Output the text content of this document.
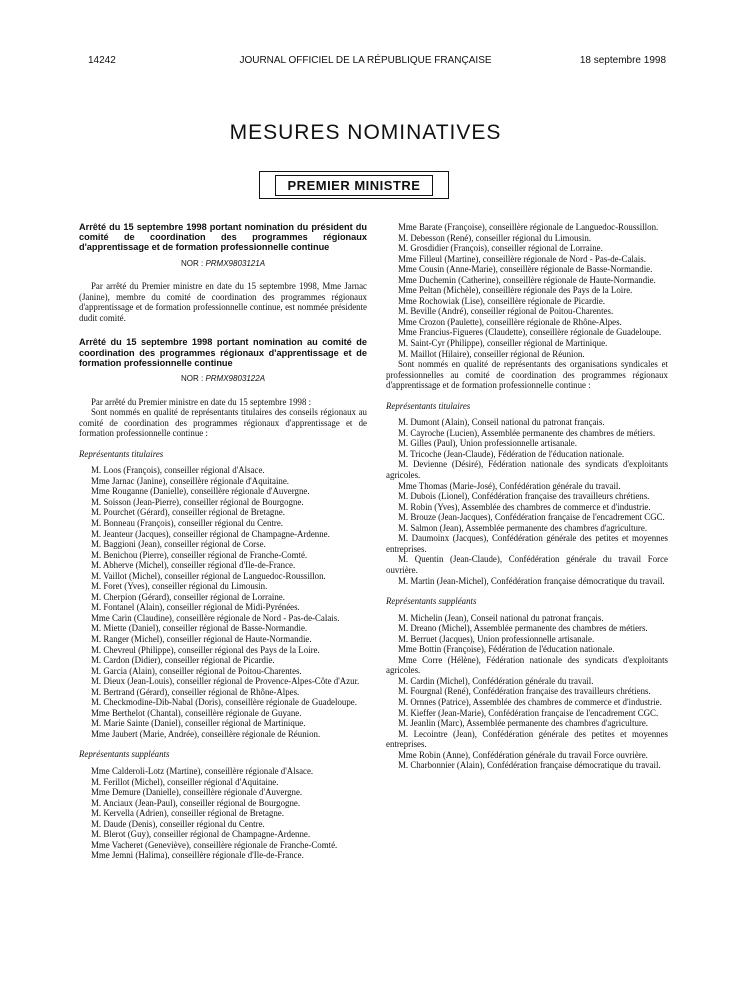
14242	JOURNAL OFFICIEL DE LA RÉPUBLIQUE FRANÇAISE	18 septembre 1998
MESURES NOMINATIVES
PREMIER MINISTRE

Arrêté du 15 septembre 1998 portant nomination du président du comité de coordination des programmes régionaux d'apprentissage et de formation professionnelle continue

NOR : PRMX9803121A

Par arrêté du Premier ministre en date du 15 septembre 1998, Mme Jarnac (Janine), membre du comité de coordination des programmes régionaux d'apprentissage et de formation professionnelle continue, est nommée présidente dudit comité.

Arrêté du 15 septembre 1998 portant nomination au comité de coordination des programmes régionaux d'apprentissage et de formation professionnelle continue

NOR : PRMX9803122A

Par arrêté du Premier ministre en date du 15 septembre 1998 :

Sont nommés en qualité de représentants titulaires des conseils régionaux au comité de coordination des programmes régionaux d'apprentissage et de formation professionnelle continue :

Représentants titulaires

M. Loos (François), conseiller régional d'Alsace.

Mme Jarnac (Janine), conseillère régionale d'Aquitaine.

Mme Rouganne (Danielle), conseillère régionale d'Auvergne.

M. Soisson (Jean-Pierre), conseiller régional de Bourgogne.

M. Pourchet (Gérard), conseiller régional de Bretagne.

M. Bonneau (François), conseiller régional du Centre.

M. Jeanteur (Jacques), conseiller régional de Champagne-Ardenne.

M. Baggioni (Jean), conseiller régional de Corse.

M. Benichou (Pierre), conseiller régional de Franche-Comté.

M. Abherve (Michel), conseiller régional d'Ile-de-France.

M. Vaillot (Michel), conseiller régional de Languedoc-Roussillon.

M. Foret (Yves), conseiller régional du Limousin.

M. Cherpion (Gérard), conseiller régional de Lorraine.

M. Fontanel (Alain), conseiller régional de Midi-Pyrénées.

Mme Carin (Claudine), conseillère régionale de Nord - Pas-de-Calais.

M. Miette (Daniel), conseiller régional de Basse-Normandie.

M. Ranger (Michel), conseiller régional de Haute-Normandie.

M. Chevreul (Philippe), conseiller régional des Pays de la Loire.

M. Cardon (Didier), conseiller régional de Picardie.

M. Garcia (Alain), conseiller régional de Poitou-Charentes.

M. Dieux (Jean-Louis), conseiller régional de Provence-Alpes-Côte d'Azur.

M. Bertrand (Gérard), conseiller régional de Rhône-Alpes.

M. Checkmodine-Dib-Nabal (Doris), conseillère régionale de Guadeloupe.

Mme Berthelot (Chantal), conseillère régionale de Guyane.

M. Marie Sainte (Daniel), conseiller régional de Martinique.

Mme Jaubert (Marie, Andrée), conseillère régionale de Réunion.

Représentants suppléants

Mme Calderoli-Lotz (Martine), conseillère régionale d'Alsace.

M. Ferillot (Michel), conseiller régional d'Aquitaine.

Mme Demure (Danielle), conseillère régionale d'Auvergne.

M. Anciaux (Jean-Paul), conseiller régional de Bourgogne.

M. Kervella (Adrien), conseiller régional de Bretagne.

M. Daude (Denis), conseiller régional du Centre.

M. Blerot (Guy), conseiller régional de Champagne-Ardenne.

Mme Vacheret (Geneviève), conseillère régionale de Franche-Comté.

Mme Jemni (Halima), conseillère régionale d'Ile-de-France.

Mme Barate (Françoise), conseillère régionale de Languedoc-Roussillon.

M. Debesson (René), conseiller régional du Limousin.

M. Grosdidier (François), conseiller régional de Lorraine.

Mme Filleul (Martine), conseillère régionale de Nord - Pas-de-Calais.

Mme Cousin (Anne-Marie), conseillère régionale de Basse-Normandie.

Mme Duchemin (Catherine), conseillère régionale de Haute-Normandie.

Mme Peltan (Michèle), conseillère régionale des Pays de la Loire.

Mme Rochowiak (Lise), conseillère régionale de Picardie.

M. Beville (André), conseiller régional de Poitou-Charentes.

Mme Crozon (Paulette), conseillère régionale de Rhône-Alpes.

Mme Francius-Figueres (Claudette), conseillère régionale de Guadeloupe.

M. Saint-Cyr (Philippe), conseiller régional de Martinique.

M. Maillot (Hilaire), conseiller régional de Réunion.

Sont nommés en qualité de représentants des organisations syndicales et professionnelles au comité de coordination des programmes régionaux d'apprentissage et de formation professionnelle continue :

Représentants titulaires

M. Dumont (Alain), Conseil national du patronat français.

M. Cayroche (Lucien), Assemblée permanente des chambres de métiers.

M. Gilles (Paul), Union professionnelle artisanale.

M. Tricoche (Jean-Claude), Fédération de l'éducation nationale.

M. Devienne (Désiré), Fédération nationale des syndicats d'exploitants agricoles.

Mme Thomas (Marie-José), Confédération générale du travail.

M. Dubois (Lionel), Confédération française des travailleurs chrétiens.

M. Robin (Yves), Assemblée des chambres de commerce et d'industrie.

M. Brouze (Jean-Jacques), Confédération française de l'encadrement CGC.

M. Salmon (Jean), Assemblée permanente des chambres d'agriculture.

M. Daumoinx (Jacques), Confédération générale des petites et moyennes entreprises.

M. Quentin (Jean-Claude), Confédération générale du travail Force ouvrière.

M. Martin (Jean-Michel), Confédération française démocratique du travail.

Représentants suppléants

M. Michelin (Jean), Conseil national du patronat français.

M. Dreano (Michel), Assemblée permanente des chambres de métiers.

M. Berruet (Jacques), Union professionnelle artisanale.

Mme Bottin (Françoise), Fédération de l'éducation nationale.

Mme Corre (Hélène), Fédération nationale des syndicats d'exploitants agricoles.

M. Cardin (Michel), Confédération générale du travail.

M. Fourgnal (René), Confédération française des travailleurs chrétiens.

M. Ornnes (Patrice), Assemblée des chambres de commerce et d'industrie.

M. Kieffer (Jean-Marie), Confédération française de l'encadrement CGC.

M. Jeanlin (Marc), Assemblée permanente des chambres d'agriculture.

M. Lecointre (Jean), Confédération générale des petites et moyennes entreprises.

Mme Robin (Anne), Confédération générale du travail Force ouvrière.

M. Charbonnier (Alain), Confédération française démocratique du travail.
